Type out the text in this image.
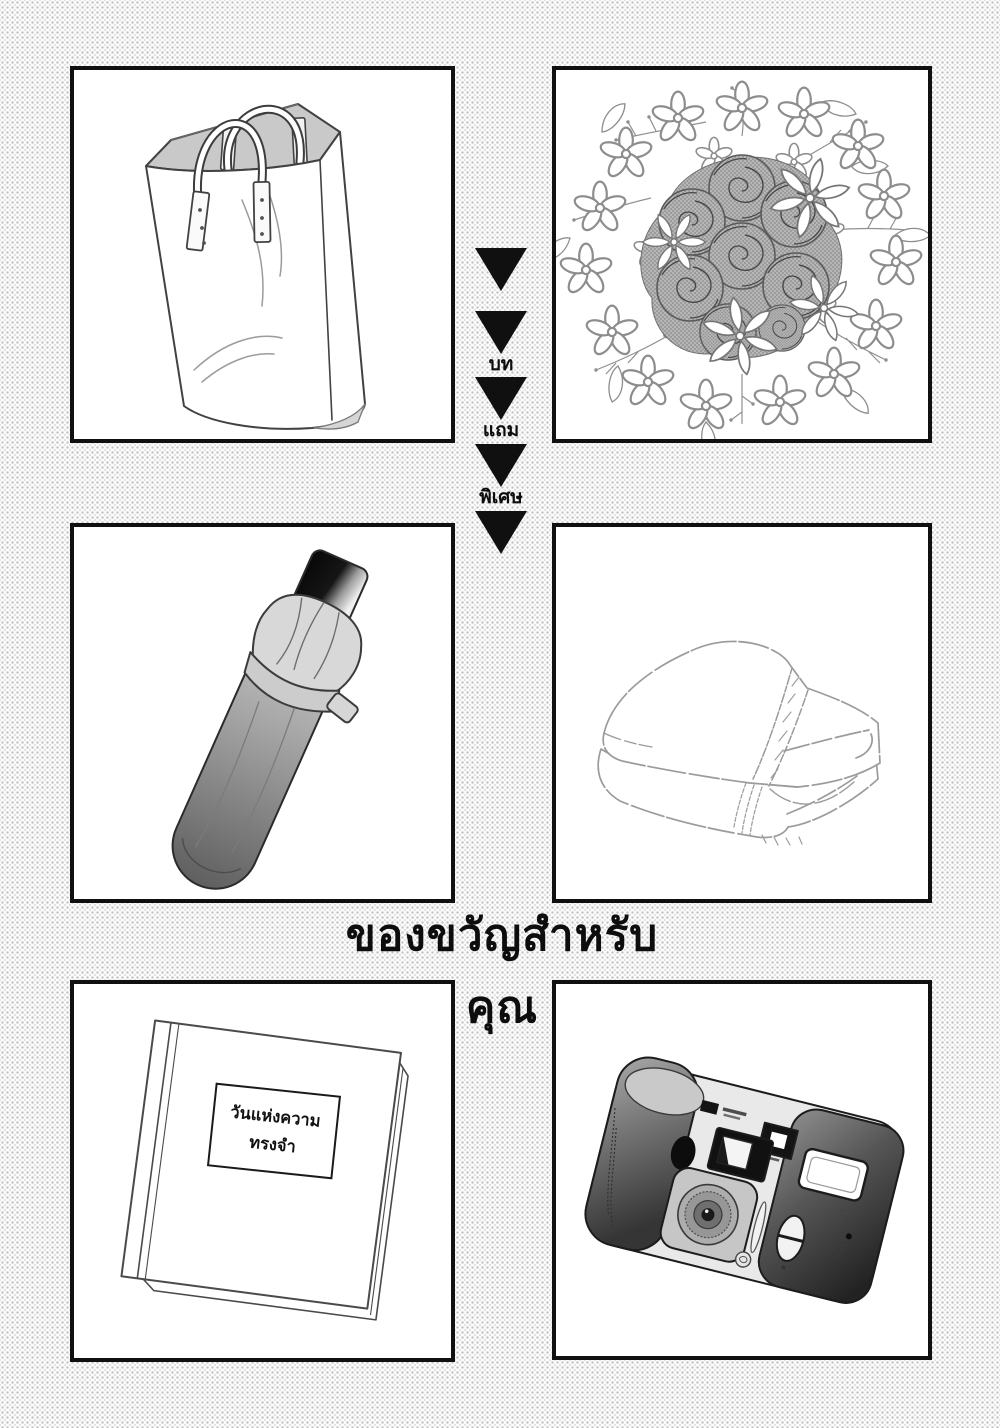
วันแห่งความ
ทรงจำ
บท
แถม
พิเศษ
ของขวัญสำหรับ
คุณ
